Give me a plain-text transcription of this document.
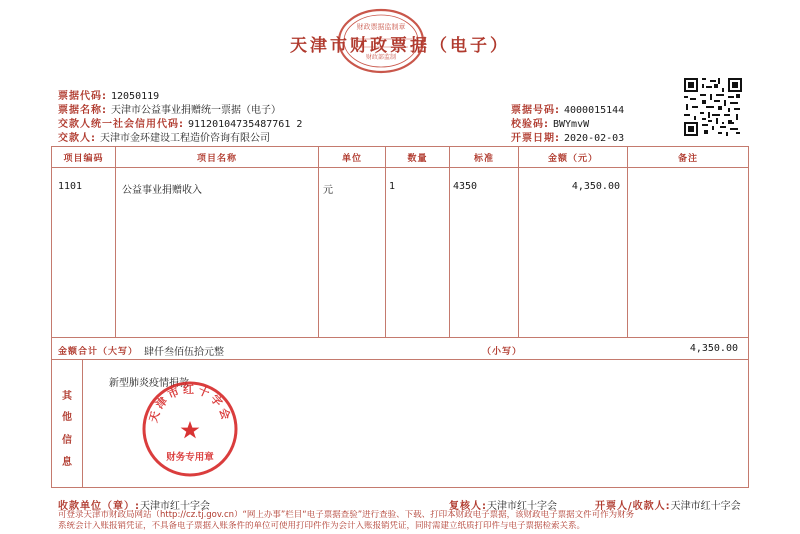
财政票据监制章
财政部监制
天津市财政票据（电子）
票据代码: 12050119
票据名称: 天津市公益事业捐赠统一票据（电子）
交款人统一社会信用代码: 91120104735487761 2
交款人: 天津市金环建设工程造价咨询有限公司
票据号码: 4000015144
校验码: BWYmvW
开票日期: 2020-02-03
项目编码	项目名称	单位	数量	标准	金额（元）	备注
1101	公益事业捐赠收入	元	1	4350	4,350.00
金额合计（大写） 肆仟叁佰伍拾元整	（小写）	4,350.00
其
他
信
息
新型肺炎疫情捐款
天津市红十字会
财务专用章
收款单位（章）: 天津市红十字会	复核人: 天津市红十字会	开票人/收款人: 天津市红十字会
可登录天津市财政局网站（http://cz.tj.gov.cn）“网上办事”栏目“电子票据查验”进行查验、下载、打印本财政电子票据，该财政电子票据文件可作为财务
系统会计入账报销凭证，不具备电子票据入账条件的单位可使用打印件作为会计入账报销凭证，同时需建立纸质打印件与电子票据检索关系。
